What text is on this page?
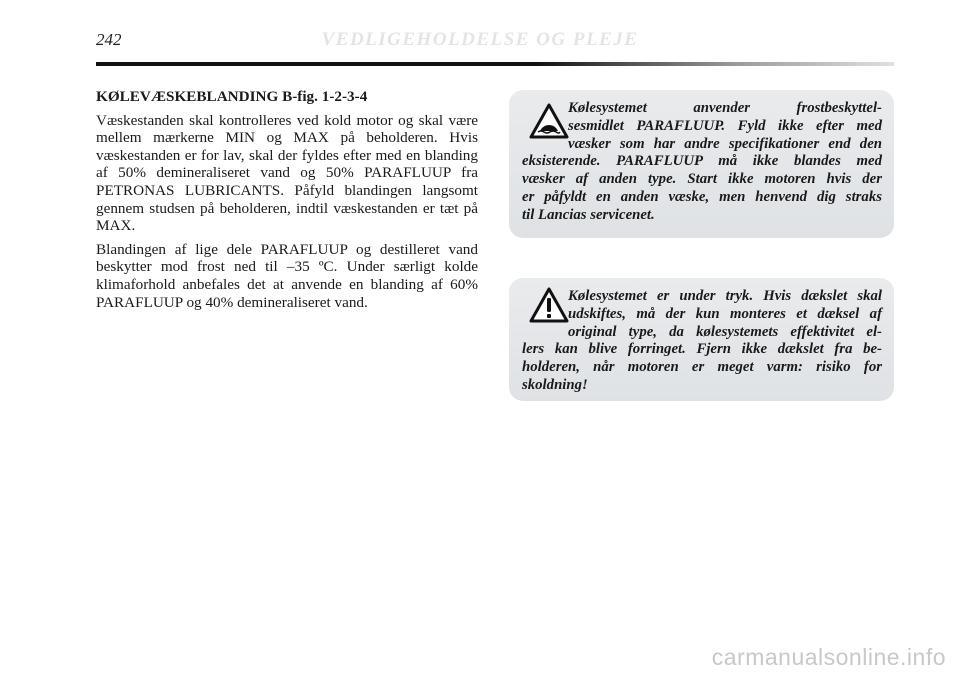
242	VEDLIGEHOLDELSE OG PLEJE

KØLEVÆSKEBLANDING B-fig. 1-2-3-4

Væskestanden skal kontrolleres ved kold motor og skal være mellem mærkerne MIN og MAX på beholderen. Hvis væskestanden er for lav, skal der fyldes efter med en blanding af 50% demineraliseret vand og 50% PARAFLUUP fra PETRONAS LUBRICANTS. Påfyld blandingen langsomt gennem studsen på beholderen, indtil væskestanden er tæt på MAX.

Blandingen af lige dele PARAFLUUP og destilleret vand beskytter mod frost ned til –35 ºC. Under særligt kolde klimaforhold anbefales det at anvende en blanding af 60% PARAFLUUP og 40% demineraliseret vand.

Kølesystemet anvender frostbeskyttel-
sesmidlet PARAFLUUP. Fyld ikke efter med
væsker som har andre specifikationer end den
eksisterende. PARAFLUUP må ikke blandes med
væsker af anden type. Start ikke motoren hvis der
er påfyldt en anden væske, men henvend dig straks
til Lancias servicenet.
Kølesystemet er under tryk. Hvis dækslet skal
udskiftes, må der kun monteres et dæksel af
original type, da kølesystemets effektivitet el-
lers kan blive forringet. Fjern ikke dækslet fra be-
holderen, når motoren er meget varm: risiko for
skoldning!
carmanualsonline.info
